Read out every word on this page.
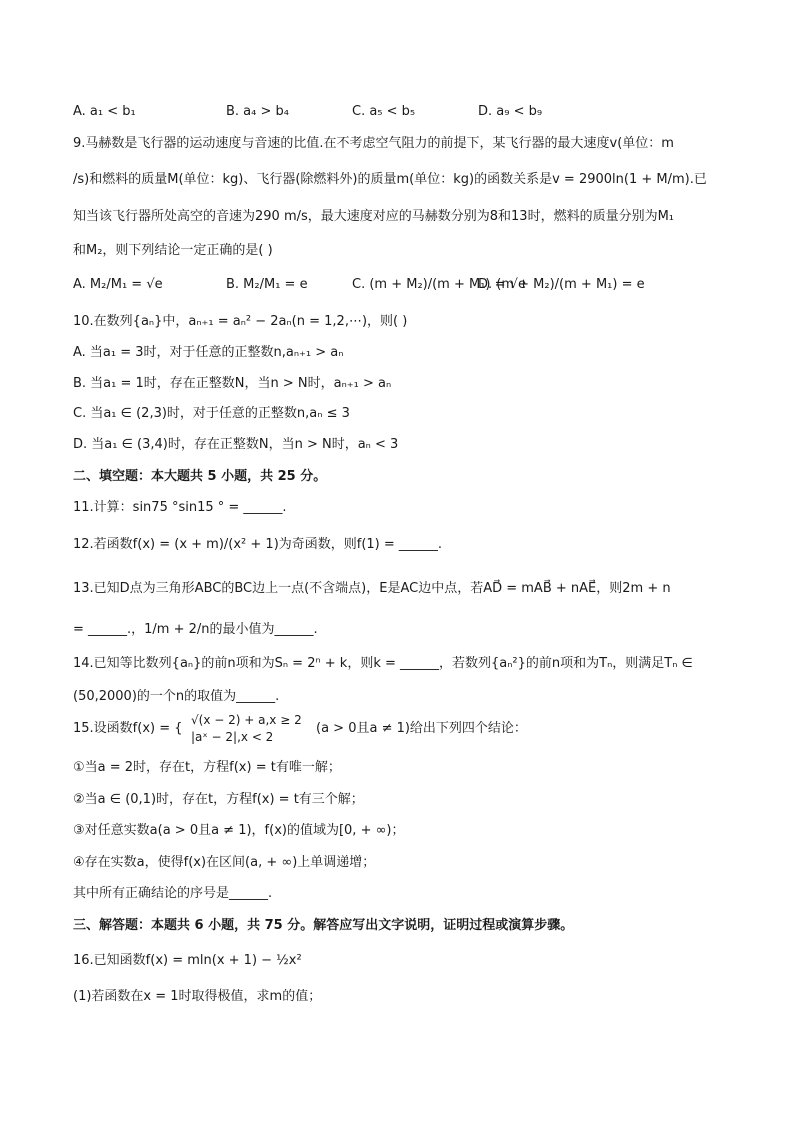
A. a₁ < b₁	B. a₄ > b₄	C. a₅ < b₅	D. a₉ < b₉
9.马赫数是飞行器的运动速度与音速的比值.在不考虑空气阻力的前提下，某飞行器的最大速度v(单位：m
/s)和燃料的质量M(单位：kg)、飞行器(除燃料外)的质量m(单位：kg)的函数关系是v = 2900ln(1 + M/m).已
知当该飞行器所处高空的音速为290 m/s，最大速度对应的马赫数分别为8和13时，燃料的质量分别为M₁
和M₂，则下列结论一定正确的是( )
A. M₂/M₁ = √e	B. M₂/M₁ = e	C. (m + M₂)/(m + M₁) = √e
D. (m + M₂)/(m + M₁) = e
10.在数列{aₙ}中，aₙ₊₁ = aₙ² − 2aₙ(n = 1,2,⋯)，则( )
A. 当a₁ = 3时，对于任意的正整数n,aₙ₊₁ > aₙ
B. 当a₁ = 1时，存在正整数N，当n > N时，aₙ₊₁ > aₙ
C. 当a₁ ∈ (2,3)时，对于任意的正整数n,aₙ ≤ 3
D. 当a₁ ∈ (3,4)时，存在正整数N，当n > N时，aₙ < 3
二、填空题：本大题共 5 小题，共 25 分。
11.计算：sin75 °sin15 ° = ______.
12.若函数f(x) = (x + m)/(x² + 1)为奇函数，则f(1) = ______.
13.已知D点为三角形ABC的BC边上一点(不含端点)，E是AC边中点，若AD⃗ = mAB⃗ + nAE⃗，则2m + n
= ______.，1/m + 2/n的最小值为______.
14.已知等比数列{aₙ}的前n项和为Sₙ = 2ⁿ + k，则k = ______，若数列{aₙ²}的前n项和为Tₙ，则满足Tₙ ∈
(50,2000)的一个n的取值为______.
15.设函数f(x) = {
√(x − 2) + a,x ≥ 2
|aˣ − 2|,x < 2
(a > 0且a ≠ 1)给出下列四个结论：
①当a = 2时，存在t，方程f(x) = t有唯一解；
②当a ∈ (0,1)时，存在t，方程f(x) = t有三个解；
③对任意实数a(a > 0且a ≠ 1)，f(x)的值域为[0, + ∞)；
④存在实数a，使得f(x)在区间(a, + ∞)上单调递增；
其中所有正确结论的序号是______.
三、解答题：本题共 6 小题，共 75 分。解答应写出文字说明，证明过程或演算步骤。
16.已知函数f(x) = mln(x + 1) − ½x²
(1)若函数在x = 1时取得极值，求m的值；
